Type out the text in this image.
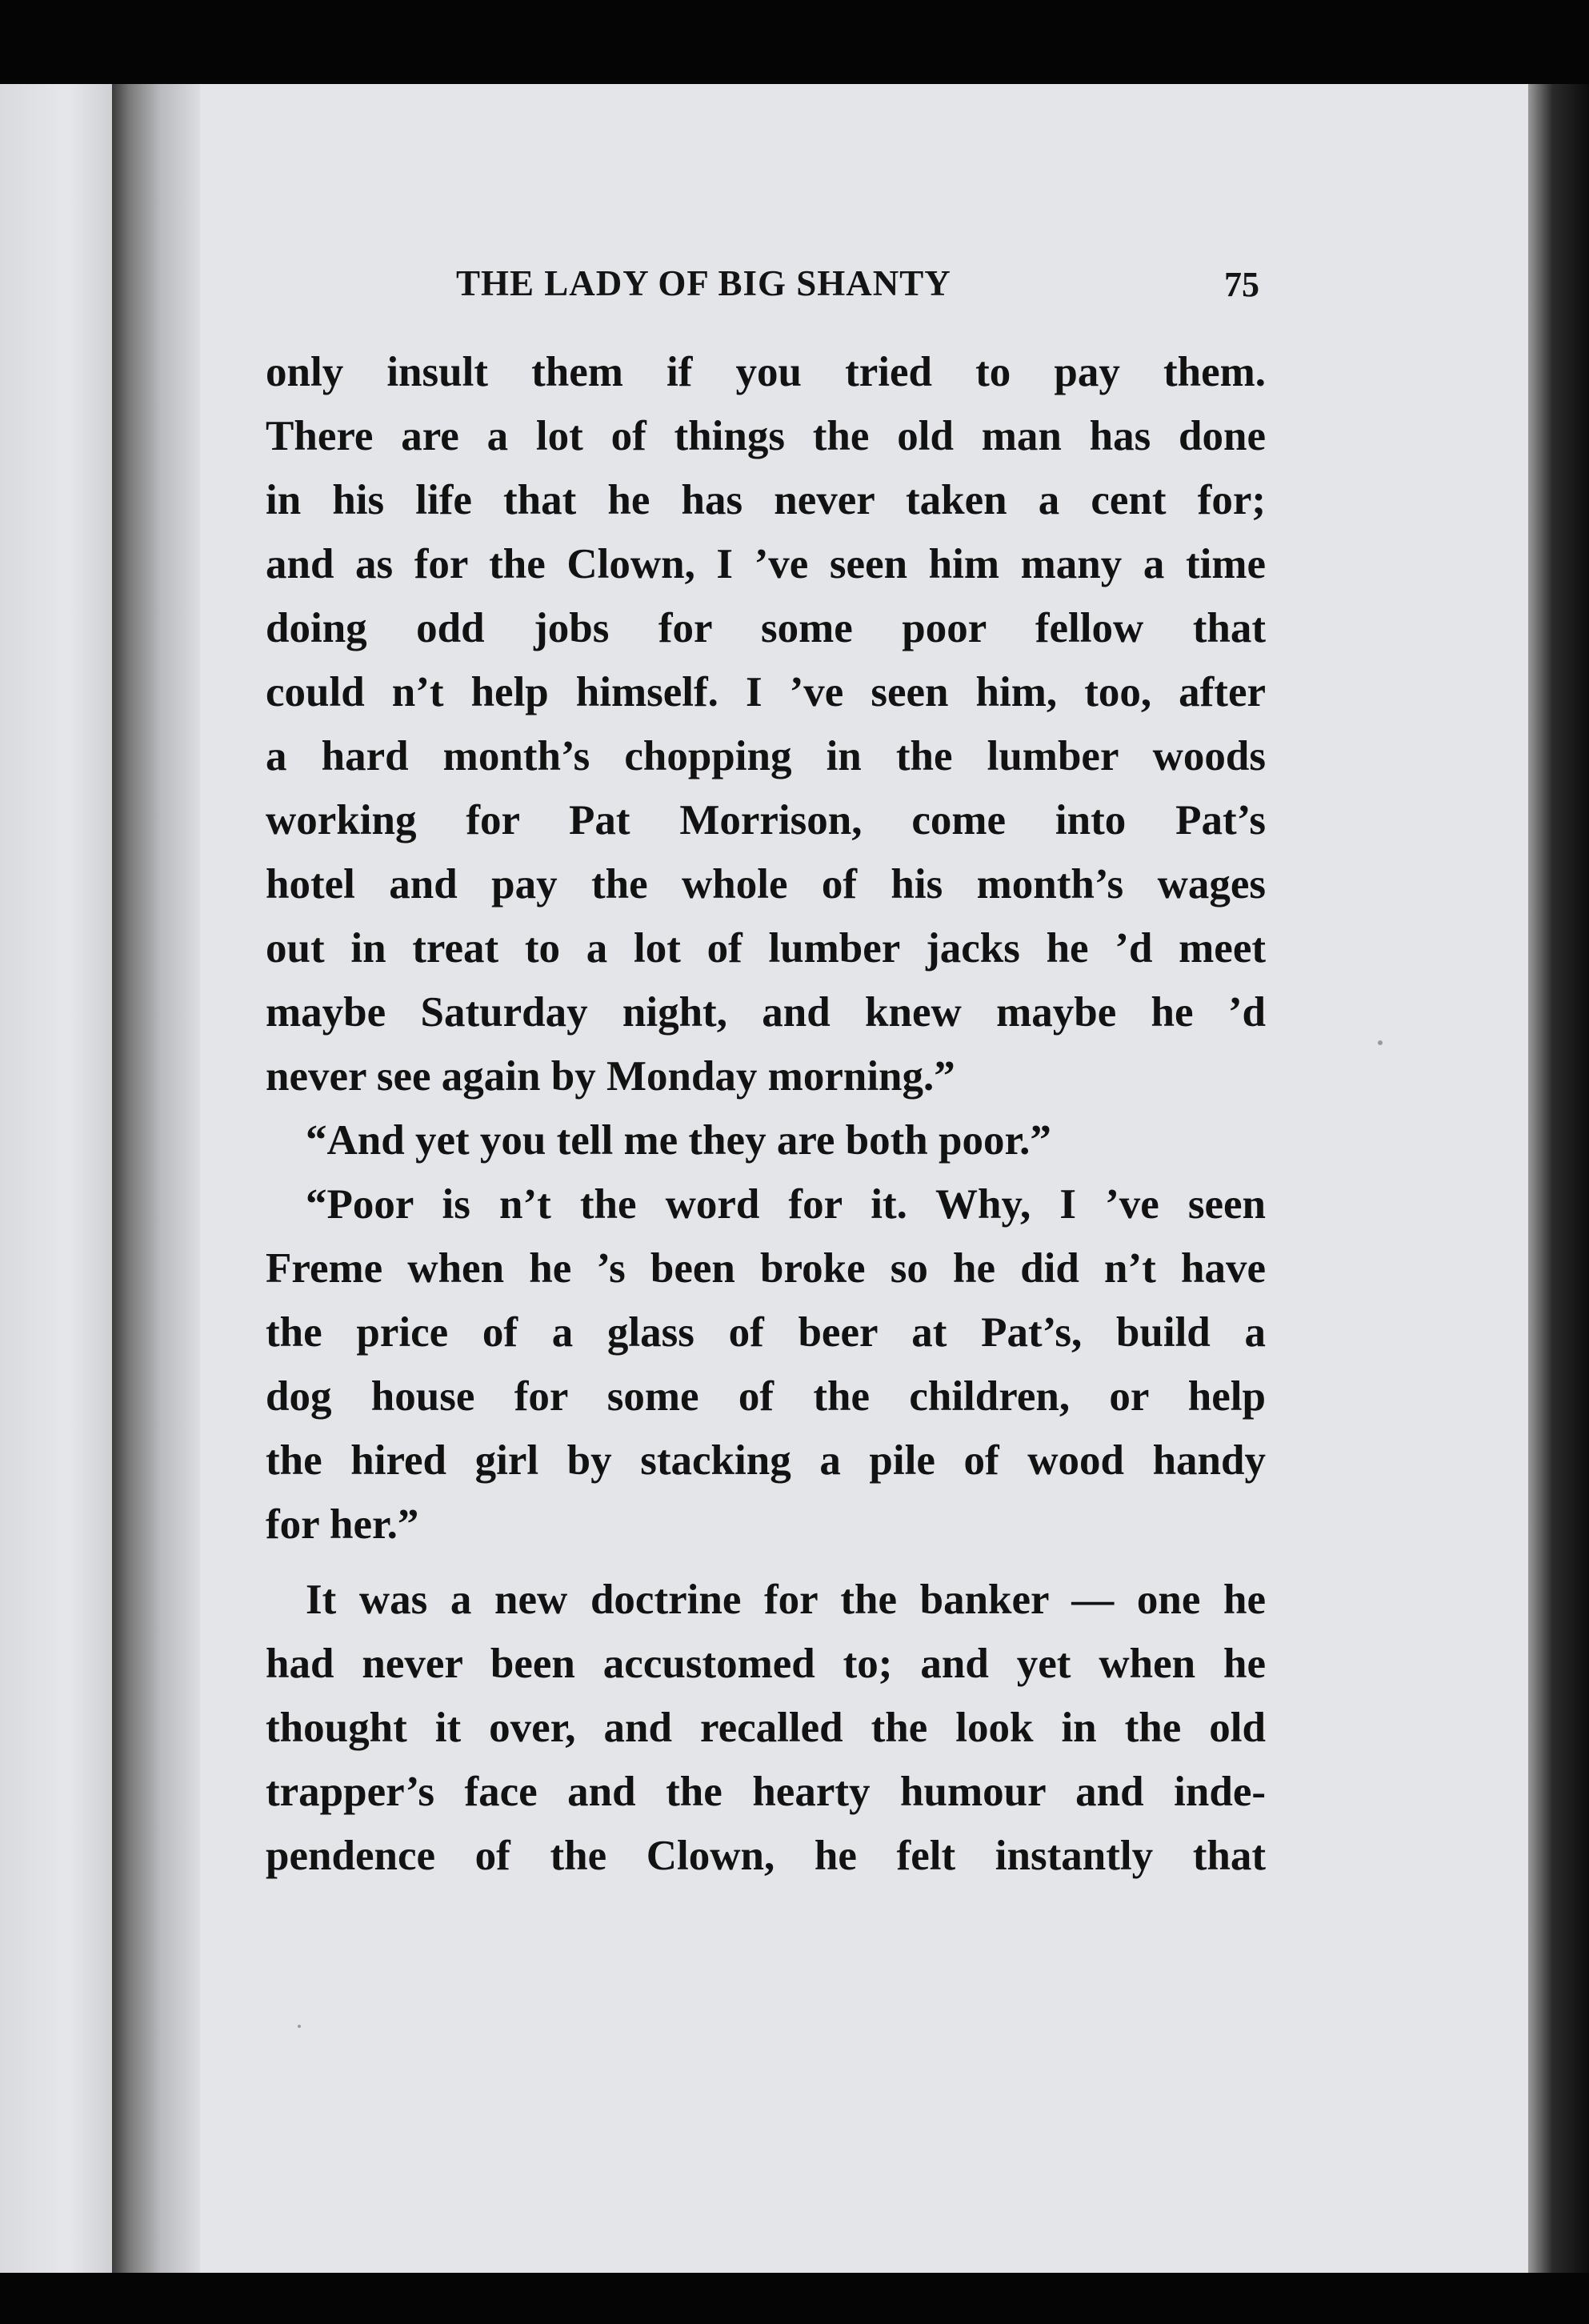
THE LADY OF BIG SHANTY	75
only insult them if you tried to pay them.
There are a lot of things the old man has done
in his life that he has never taken a cent for;
and as for the Clown, I ’ve seen him many a time
doing odd jobs for some poor fellow that
could n’t help himself. I ’ve seen him, too, after
a hard month’s chopping in the lumber woods
working for Pat Morrison, come into Pat’s
hotel and pay the whole of his month’s wages
out in treat to a lot of lumber jacks he ’d meet
maybe Saturday night, and knew maybe he ’d
never see again by Monday morning.”
“And yet you tell me they are both poor.”
“Poor is n’t the word for it. Why, I ’ve seen
Freme when he ’s been broke so he did n’t have
the price of a glass of beer at Pat’s, build a
dog house for some of the children, or help
the hired girl by stacking a pile of wood handy
for her.”
It was a new doctrine for the banker — one he
had never been accustomed to; and yet when he
thought it over, and recalled the look in the old
trapper’s face and the hearty humour and inde-
pendence of the Clown, he felt instantly that
